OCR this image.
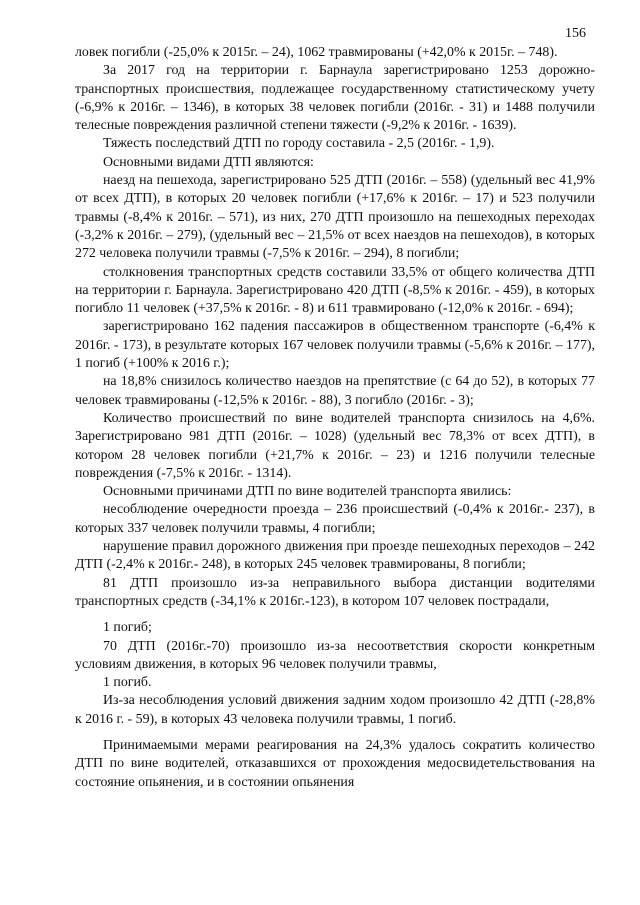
156

ловек погибли (-25,0% к 2015г. – 24), 1062 травмированы (+42,0% к 2015г. – 748).

За 2017 год на территории г. Барнаула зарегистрировано 1253 дорожно-транспортных происшествия, подлежащее государственному статистическому учету (-6,9% к 2016г. – 1346), в которых 38 человек погибли (2016г. - 31) и 1488 получили телесные повреждения различной степени тяжести (-9,2% к 2016г. - 1639).

Тяжесть последствий ДТП по городу составила - 2,5 (2016г. - 1,9).

Основными видами ДТП являются:

наезд на пешехода, зарегистрировано 525 ДТП (2016г. – 558) (удельный вес 41,9% от всех ДТП), в которых 20 человек погибли (+17,6% к 2016г. – 17) и 523 получили травмы (-8,4% к 2016г. – 571), из них, 270 ДТП произошло на пешеходных переходах (-3,2% к 2016г. – 279), (удельный вес – 21,5% от всех наездов на пешеходов), в которых 272 человека получили травмы (-7,5% к 2016г. – 294), 8 погибли;

столкновения транспортных средств составили 33,5% от общего количества ДТП на территории г. Барнаула. Зарегистрировано 420 ДТП (-8,5% к 2016г. - 459), в которых погибло 11 человек (+37,5% к 2016г. - 8) и 611 травмировано (-12,0% к 2016г. - 694);

зарегистрировано 162 падения пассажиров в общественном транспорте (-6,4% к 2016г. - 173), в результате которых 167 человек получили травмы (-5,6% к 2016г. – 177), 1 погиб (+100% к 2016 г.);

на 18,8% снизилось количество наездов на препятствие (с 64 до 52), в которых 77 человек травмированы (-12,5% к 2016г. - 88), 3 погибло (2016г. - 3);

Количество происшествий по вине водителей транспорта снизилось на 4,6%. Зарегистрировано 981 ДТП (2016г. – 1028) (удельный вес 78,3% от всех ДТП), в котором 28 человек погибли (+21,7% к 2016г. – 23) и 1216 получили телесные повреждения (-7,5% к 2016г. - 1314).

Основными причинами ДТП по вине водителей транспорта явились:

несоблюдение очередности проезда – 236 происшествий (-0,4% к 2016г.- 237), в которых 337 человек получили травмы, 4 погибли;

нарушение правил дорожного движения при проезде пешеходных переходов – 242 ДТП (-2,4% к 2016г.- 248), в которых 245 человек травмированы, 8 погибли;

81 ДТП произошло из-за неправильного выбора дистанции водителями транспортных средств (-34,1% к 2016г.-123), в котором 107 человек пострадали,

1 погиб;

70 ДТП (2016г.-70) произошло из-за несоответствия скорости конкретным условиям движения, в которых 96 человек получили травмы,

1 погиб.

Из-за несоблюдения условий движения задним ходом произошло 42 ДТП (-28,8% к 2016 г. - 59), в которых 43 человека получили травмы, 1 погиб.

Принимаемыми мерами реагирования на 24,3% удалось сократить количество ДТП по вине водителей, отказавшихся от прохождения медосвидетельствования на состояние опьянения, и в состоянии опьянения
